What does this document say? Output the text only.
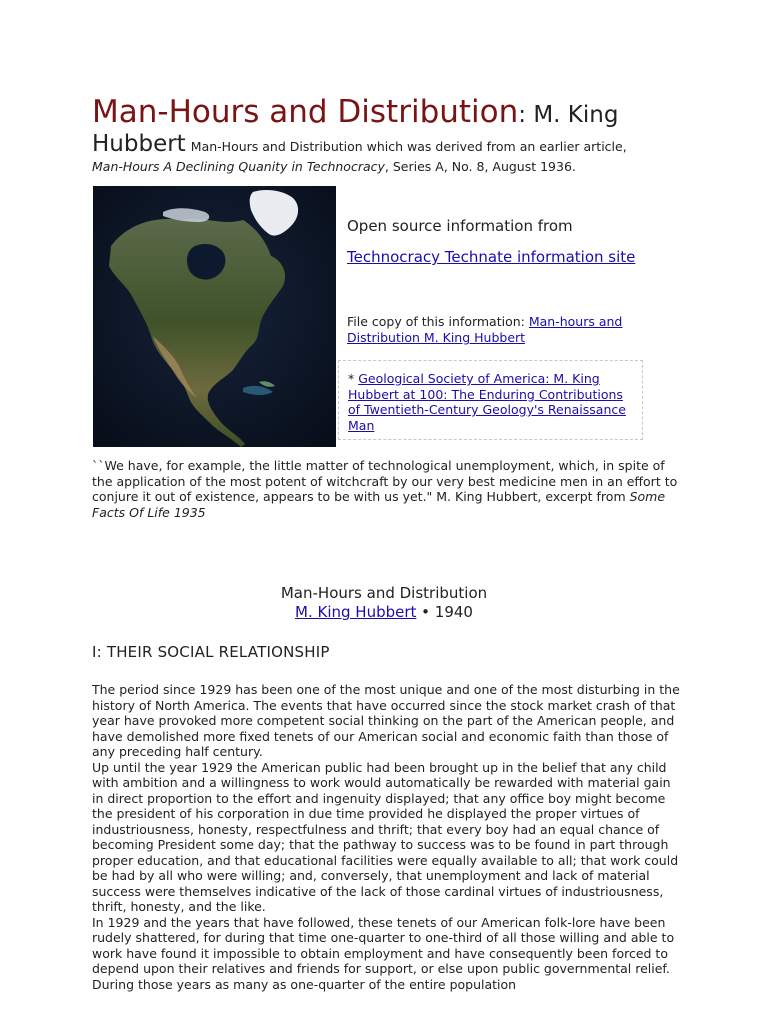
Man-Hours and Distribution: M. King
Hubbert Man-Hours and Distribution which was derived from an earlier article,
Man-Hours A Declining Quanity in Technocracy, Series A, No. 8, August 1936.
Open source information from
Technocracy Technate information site
File copy of this information: Man-hours and Distribution M. King Hubbert
* Geological Society of America: M. King Hubbert at 100: The Enduring Contributions of Twentieth-Century Geology's Renaissance Man
``We have, for example, the little matter of technological unemployment, which, in spite of the application of the most potent of witchcraft by our very best medicine men in an effort to conjure it out of existence, appears to be with us yet." M. King Hubbert, excerpt from Some Facts Of Life 1935
Man-Hours and Distribution
M. King Hubbert • 1940
I: THEIR SOCIAL RELATIONSHIP

The period since 1929 has been one of the most unique and one of the most disturbing in the history of North America. The events that have occurred since the stock market crash of that year have provoked more competent social thinking on the part of the American people, and have demolished more fixed tenets of our American social and economic faith than those of any preceding half century.

Up until the year 1929 the American public had been brought up in the belief that any child with ambition and a willingness to work would automatically be rewarded with material gain in direct proportion to the effort and ingenuity displayed; that any office boy might become the president of his corporation in due time provided he displayed the proper virtues of industriousness, honesty, respectfulness and thrift; that every boy had an equal chance of becoming President some day; that the pathway to success was to be found in part through proper education, and that educational facilities were equally available to all; that work could be had by all who were willing; and, conversely, that unemployment and lack of material success were themselves indicative of the lack of those cardinal virtues of industriousness, thrift, honesty, and the like.

In 1929 and the years that have followed, these tenets of our American folk-lore have been rudely shattered, for during that time one-quarter to one-third of all those willing and able to work have found it impossible to obtain employment and have consequently been forced to depend upon their relatives and friends for support, or else upon public governmental relief. During those years as many as one-quarter of the entire population
